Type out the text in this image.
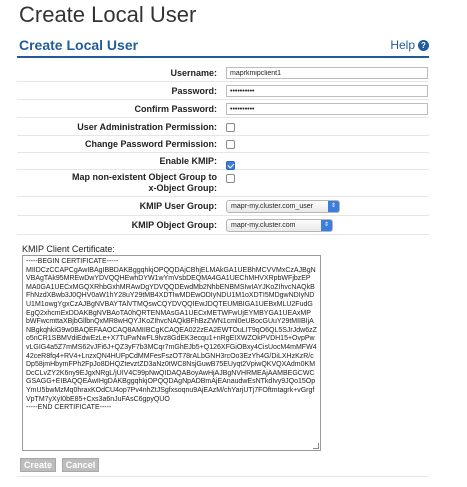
Create Local User
Create Local User	Help ?
Username:
maprkmipclient1
Password:
••••••••••
Confirm Password:
••••••••••
User Administration Permission:
Change Password Permission:
Enable KMIP:
Map non-existent Object Group to x-Object Group:
KMIP User Group:	mapr-my.cluster.com_user	⇕
KMIP Object Group:	mapr-my.cluster.com	⇕
KMIP Client Certificate:
-----BEGIN CERTIFICATE-----
MIIDCzCCAPCgAwIBAgIBBDAKBggqhkjOPQQDAjCBhjELMAkGA1UEBhMCVVMxCzAJBgNVBAgTAk95MREwDwYDVQQHEwhDYW1wYmVsbDEQMA4GA1UEChMHVXRpbWFjbzEP
MA0GA1UECxMGQXRhbGxhMRAwDgYDVQQDEwdMb2NhbENBMSIwIAYJKoZIhvcNAQkBFhNzdXBwb3J0QHV0aW1hY28uY29tMB4XDTIwMDEwODIyNDU1M1oXDTI5MDgwNDIyNDU1M1owgYgxCzAJBgNVBAYTAlVTMQswCQYDVQQIEwJDQTEUMBIGA1UEBxMLU2FudGEgQ2xhcmExDDAKBgNVBAoTA0hQRTENMAsGA1UECxMETWFwUjEYMBYGA1UEAxMP
bWFwcmttaXBjbGllbnQxMR8wHQYJKoZIhvcNAQkBFhBzZWN1cml0eUBocGUuY29tMIIBIjANBgkqhkiG9w0BAQEFAAOCAQ8AMIIBCgKCAQEA022zEA2EWTOuLIT9qO6QL5SJrJdw6zZo5nCR1SBMVdiEdwEzLe+X7TuFwNwFL9lvz8GdEK3ecqu1+nRgEIXWZOkPVDH15+OvpPwvLGIG4a5Z7mMS62vJFi6J+QZ3yF7b3MCqr7mGhEJb5+Q126XFGiOBxy4CisUocM4mMFW442ceR8fq4+RV4+LnzxQN4HUFpCdMMFesFszOT78rALbGNH3rcOo3EzYh4G/DiLXHzKzR/cDp58jmHbymFPh2FpJo8DHQZtevztZD3aNz0tWC8NsjGuwB75EUyqt2VpiwQKVQXAdm0KMDcCLvZY2K6ny9EJgxNRgL/jUIV4C99pNwQIDAQABoyAwHjAJBgNVHRMEAjAAMBEGCWCGSAGG+EIBAQQEAwIHgDAKBggqhkjOPQQDAgNpADBmAjEAnaudwEsNTkdIvy9JQo15OpYmU5bwMzMq0hraxKOdCU4op7Pv4nhZtJSgfxsoqnu9AjEAzM/chYarjUTj7FOftmtagrk+vGrgfVpTM7yXyI0bE85+Cxs3a6nJuFAsC6gpyQUO
-----END CERTIFICATE-----
Create	Cancel
